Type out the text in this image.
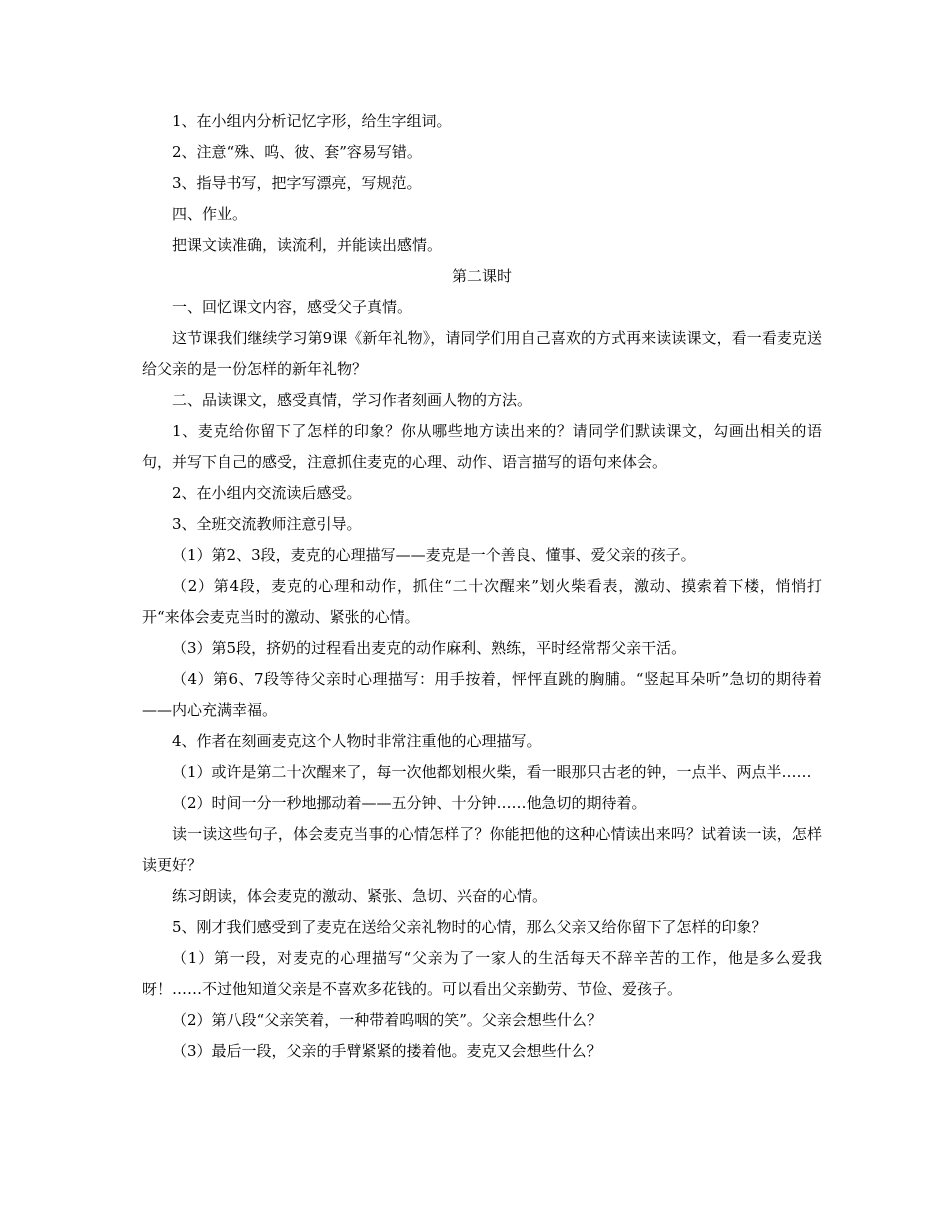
1、在小组内分析记忆字形，给生字组词。

2、注意“殊、呜、彼、套”容易写错。

3、指导书写，把字写漂亮，写规范。

四、作业。

把课文读准确，读流利，并能读出感情。

第二课时

一、回忆课文内容，感受父子真情。

这节课我们继续学习第9课《新年礼物》，请同学们用自己喜欢的方式再来读读课文，看一看麦克送给父亲的是一份怎样的新年礼物？

二、品读课文，感受真情，学习作者刻画人物的方法。

1、麦克给你留下了怎样的印象？你从哪些地方读出来的？请同学们默读课文，勾画出相关的语句，并写下自己的感受，注意抓住麦克的心理、动作、语言描写的语句来体会。

2、在小组内交流读后感受。

3、全班交流教师注意引导。

（1）第2、3段，麦克的心理描写——麦克是一个善良、懂事、爱父亲的孩子。

（2）第4段，麦克的心理和动作，抓住“二十次醒来”划火柴看表，激动、摸索着下楼，悄悄打开“来体会麦克当时的激动、紧张的心情。

（3）第5段，挤奶的过程看出麦克的动作麻利、熟练，平时经常帮父亲干活。

（4）第6、7段等待父亲时心理描写：用手按着，怦怦直跳的胸脯。“竖起耳朵听”急切的期待着——内心充满幸福。

4、作者在刻画麦克这个人物时非常注重他的心理描写。

（1）或许是第二十次醒来了，每一次他都划根火柴，看一眼那只古老的钟，一点半、两点半……

（2）时间一分一秒地挪动着——五分钟、十分钟……他急切的期待着。

读一读这些句子，体会麦克当事的心情怎样了？你能把他的这种心情读出来吗？试着读一读，怎样读更好？

练习朗读，体会麦克的激动、紧张、急切、兴奋的心情。

5、刚才我们感受到了麦克在送给父亲礼物时的心情，那么父亲又给你留下了怎样的印象？

（1）第一段，对麦克的心理描写“父亲为了一家人的生活每天不辞辛苦的工作，他是多么爱我呀！……不过他知道父亲是不喜欢多花钱的。可以看出父亲勤劳、节俭、爱孩子。

（2）第八段“父亲笑着，一种带着呜咽的笑”。父亲会想些什么？

（3）最后一段，父亲的手臂紧紧的搂着他。麦克又会想些什么？
